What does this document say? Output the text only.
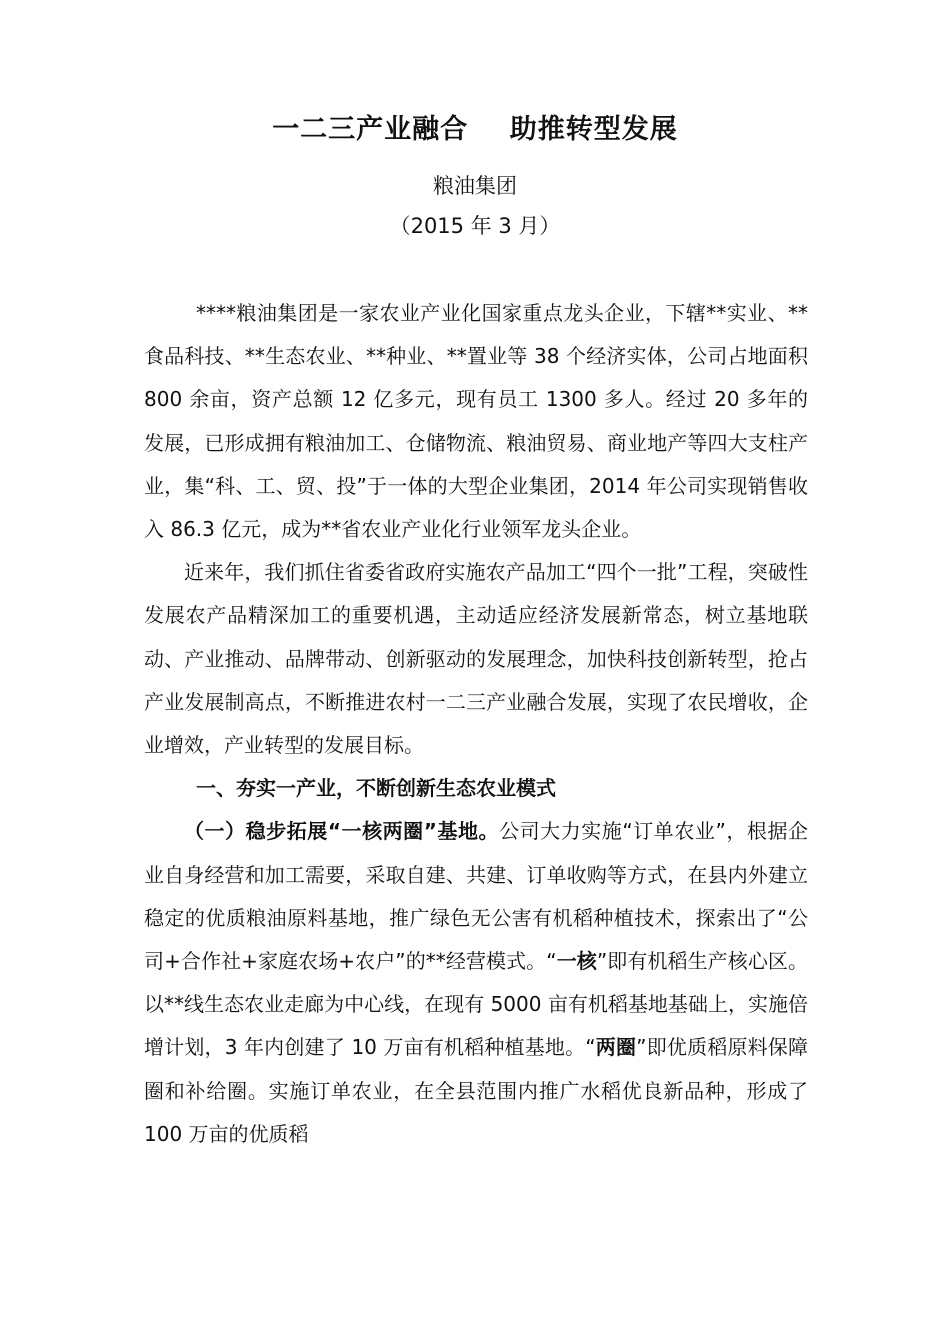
一二三产业融合    助推转型发展
粮油集团
（2015 年 3 月）

****粮油集团是一家农业产业化国家重点龙头企业，下辖**实业、**食品科技、**生态农业、**种业、**置业等 38 个经济实体，公司占地面积 800 余亩，资产总额 12 亿多元，现有员工 1300 多人。经过 20 多年的发展，已形成拥有粮油加工、仓储物流、粮油贸易、商业地产等四大支柱产业，集“科、工、贸、投”于一体的大型企业集团，2014 年公司实现销售收入 86.3 亿元，成为**省农业产业化行业领军龙头企业。

近来年，我们抓住省委省政府实施农产品加工“四个一批”工程，突破性发展农产品精深加工的重要机遇，主动适应经济发展新常态，树立基地联动、产业推动、品牌带动、创新驱动的发展理念，加快科技创新转型，抢占产业发展制高点，不断推进农村一二三产业融合发展，实现了农民增收，企业增效，产业转型的发展目标。

一、夯实一产业，不断创新生态农业模式

（一）稳步拓展“一核两圈”基地。公司大力实施“订单农业”，根据企业自身经营和加工需要，采取自建、共建、订单收购等方式，在县内外建立稳定的优质粮油原料基地，推广绿色无公害有机稻种植技术，探索出了“公司+合作社+家庭农场+农户”的**经营模式。“一核”即有机稻生产核心区。以**线生态农业走廊为中心线，在现有 5000 亩有机稻基地基础上，实施倍增计划，3 年内创建了 10 万亩有机稻种植基地。“两圈”即优质稻原料保障圈和补给圈。实施订单农业，在全县范围内推广水稻优良新品种，形成了 100 万亩的优质稻
